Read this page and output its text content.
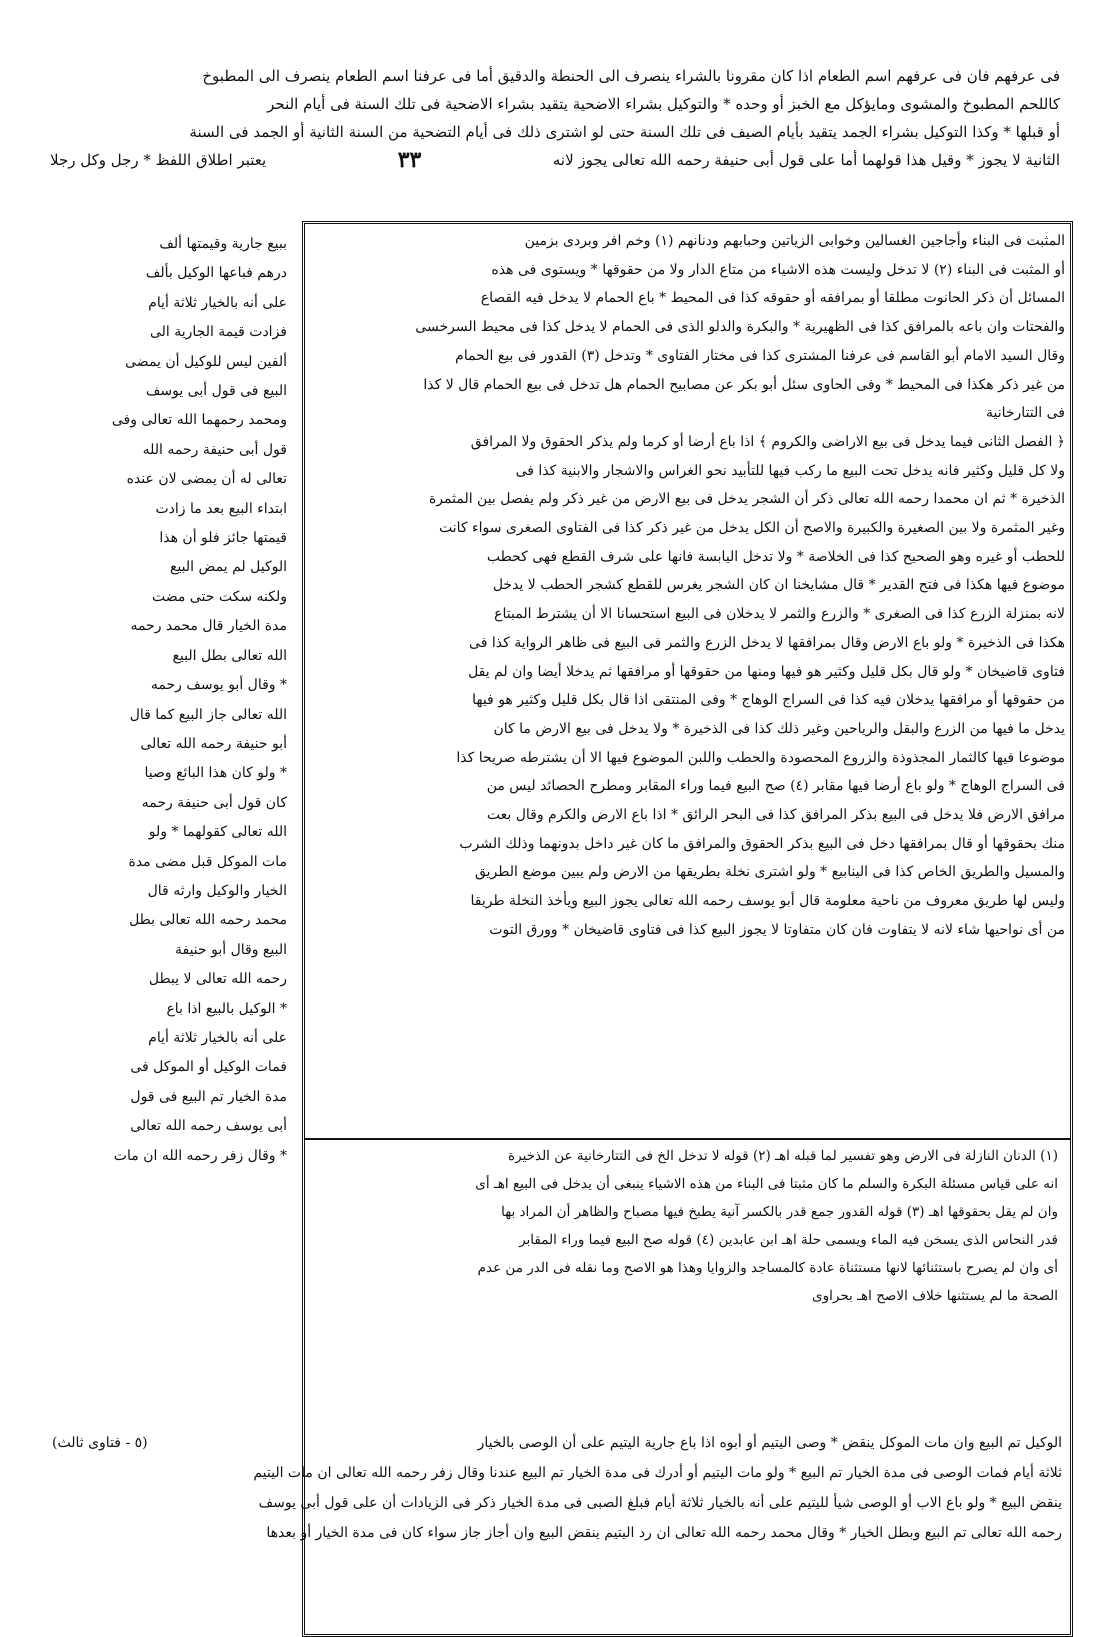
فى عرفهم فان فى عرفهم اسم الطعام اذا كان مقرونا بالشراء ينصرف الى الحنطة والدقيق أما فى عرفنا اسم الطعام ينصرف الى المطبوخ
كاللحم المطبوخ والمشوى ومايؤكل مع الخبز أو وحده * والتوكيل بشراء الاضحية يتقيد بشراء الاضحية فى تلك السنة فى أيام النحر
أو قبلها * وكذا التوكيل بشراء الجمد يتقيد بأيام الصيف فى تلك السنة حتى لو اشترى ذلك فى أيام التضحية من السنة الثانية أو الجمد فى السنة
الثانية لا يجوز * وقيل هذا قولهما أما على قول أبى حنيفة رحمه الله تعالى يجوز لانه
٣٣
يعتبر اطلاق اللفظ * رجل وكل رجلا
المثبت فى البناء وأجاجين الغسالين وخوابى الزياتين وحبابهم ودنانهم (١) وخم افر وبردى بزمين
أو المثبت فى البناء (٢) لا تدخل وليست هذه الاشياء من متاع الدار ولا من حقوقها * ويستوى فى هذه
المسائل أن ذكر الحانوت مطلقا أو بمرافقه أو حقوقه كذا فى المحيط * باع الحمام لا يدخل فيه القصاع
والفحتات وان باعه بالمرافق كذا فى الظهيرية * والبكرة والدلو الذى فى الحمام لا يدخل كذا فى محيط السرخسى
وقال السيد الامام أبو القاسم فى عرفنا المشترى كذا فى مختار الفتاوى * وتدخل (٣) القدور فى بيع الحمام
من غير ذكر هكذا فى المحيط * وفى الحاوى سئل أبو بكر عن مصابيح الحمام هل تدخل فى بيع الحمام قال لا كذا
فى التتارخانية
﴿ الفصل الثانى فيما يدخل فى بيع الاراضى والكروم ﴾ اذا باع أرضا أو كرما ولم يذكر الحقوق ولا المرافق
ولا كل قليل وكثير فانه يدخل تحت البيع ما ركب فيها للتأبيد نحو الغراس والاشجار والابنية كذا فى
الذخيرة * ثم ان محمدا رحمه الله تعالى ذكر أن الشجر يدخل فى بيع الارض من غير ذكر ولم يفصل بين المثمرة
وغير المثمرة ولا بين الصغيرة والكبيرة والاصح أن الكل يدخل من غير ذكر كذا فى الفتاوى الصغرى سواء كانت
للحطب أو غيره وهو الصحيح كذا فى الخلاصة * ولا تدخل اليابسة فانها على شرف القطع فهى كحطب
موضوع فيها هكذا فى فتح القدير * قال مشايخنا ان كان الشجر يغرس للقطع كشجر الحطب لا يدخل
لانه بمنزلة الزرع كذا فى الصغرى * والزرع والثمر لا يدخلان فى البيع استحسانا الا أن يشترط المبتاع
هكذا فى الذخيرة * ولو باع الارض وقال بمرافقها لا يدخل الزرع والثمر فى البيع فى ظاهر الرواية كذا فى
فتاوى قاضيخان * ولو قال بكل قليل وكثير هو فيها ومنها من حقوقها أو مرافقها ثم يدخلا أيضا وان لم يقل
من حقوقها أو مرافقها يدخلان فيه كذا فى السراج الوهاج * وفى المنتقى اذا قال بكل قليل وكثير هو فيها
يدخل ما فيها من الزرع والبقل والرياحين وغير ذلك كذا فى الذخيرة * ولا يدخل فى بيع الارض ما كان
موضوعا فيها كالثمار المجذوذة والزروع المحصودة والحطب واللبن الموضوع فيها الا أن يشترطه صريحا كذا
فى السراج الوهاج * ولو باع أرضا فيها مقابر (٤) صح البيع فيما وراء المقابر ومطرح الحصائد ليس من
مرافق الارض فلا يدخل فى البيع بذكر المرافق كذا فى البحر الرائق * اذا باع الارض والكرم وقال بعت
منك بحقوقها أو قال بمرافقها دخل فى البيع بذكر الحقوق والمرافق ما كان غير داخل بدونهما وذلك الشرب
والمسيل والطريق الخاص كذا فى الينابيع * ولو اشترى نخلة بطريقها من الارض ولم يبين موضع الطريق
وليس لها طريق معروف من ناحية معلومة قال أبو يوسف رحمه الله تعالى يجوز البيع ويأخذ النخلة طريقا
من أى نواحيها شاء لانه لا يتفاوت فان كان متفاوتا لا يجوز البيع كذا فى فتاوى قاضيخان * وورق التوت
(١) الدنان النازلة فى الارض وهو تفسير لما قبله اهـ (٢) قوله لا تدخل الخ فى التتارخانية عن الذخيرة
انه على قياس مسئلة البكرة والسلم ما كان مثبتا فى البناء من هذه الاشياء ينبغى أن يدخل فى البيع اهـ أى
وان لم يقل بحقوقها اهـ (٣) قوله القدور جمع قدر بالكسر آنية يطبخ فيها مصباح والظاهر أن المراد بها
قدر النحاس الذى يسخن فيه الماء ويسمى حلة اهـ ابن عابدين (٤) قوله صح البيع فيما وراء المقابر
أى وان لم يصرح باستثنائها لانها مستثناة عادة كالمساجد والزوايا وهذا هو الاصح وما نقله فى الدر من عدم
الصحة ما لم يستثنها خلاف الاصح اهـ بحراوى
ببيع جارية وقيمتها ألف
درهم فباعها الوكيل بألف
على أنه بالخيار ثلاثة أيام
فزادت قيمة الجارية الى
ألفين ليس للوكيل أن يمضى
البيع فى قول أبى يوسف
ومحمد رحمهما الله تعالى وفى
قول أبى حنيفة رحمه الله
تعالى له أن يمضى لان عنده
ابتداء البيع بعد ما زادت
قيمتها جائز فلو أن هذا
الوكيل لم يمض البيع
ولكنه سكت حتى مضت
مدة الخيار قال محمد رحمه
الله تعالى بطل البيع
* وقال أبو يوسف رحمه
الله تعالى جاز البيع كما قال
أبو حنيفة رحمه الله تعالى
* ولو كان هذا البائع وصيا
كان قول أبى حنيفة رحمه
الله تعالى كقولهما * ولو
مات الموكل قبل مضى مدة
الخيار والوكيل وارثه قال
محمد رحمه الله تعالى بطل
البيع وقال أبو حنيفة
رحمه الله تعالى لا يبطل
* الوكيل بالبيع اذا باع
على أنه بالخيار ثلاثة أيام
فمات الوكيل أو الموكل فى
مدة الخيار تم البيع فى قول
أبى يوسف رحمه الله تعالى
* وقال زفر رحمه الله ان مات
الوكيل تم البيع وان مات الموكل ينقض * وصى اليتيم أو أبوه اذا باع جارية اليتيم على أن الوصى بالخيار
(٥ - فتاوى ثالث)
ثلاثة أيام فمات الوصى فى مدة الخيار تم البيع * ولو مات اليتيم أو أدرك فى مدة الخيار تم البيع عندنا وقال زفر رحمه الله تعالى ان مات اليتيم
ينقض البيع * ولو باع الاب أو الوصى شيأ لليتيم على أنه بالخيار ثلاثة أيام فبلغ الصبى فى مدة الخيار ذكر فى الزيادات أن على قول أبى يوسف
رحمه الله تعالى تم البيع وبطل الخيار * وقال محمد رحمه الله تعالى ان رد اليتيم ينقض البيع وان أجاز جاز سواء كان فى مدة الخيار أو بعدها
